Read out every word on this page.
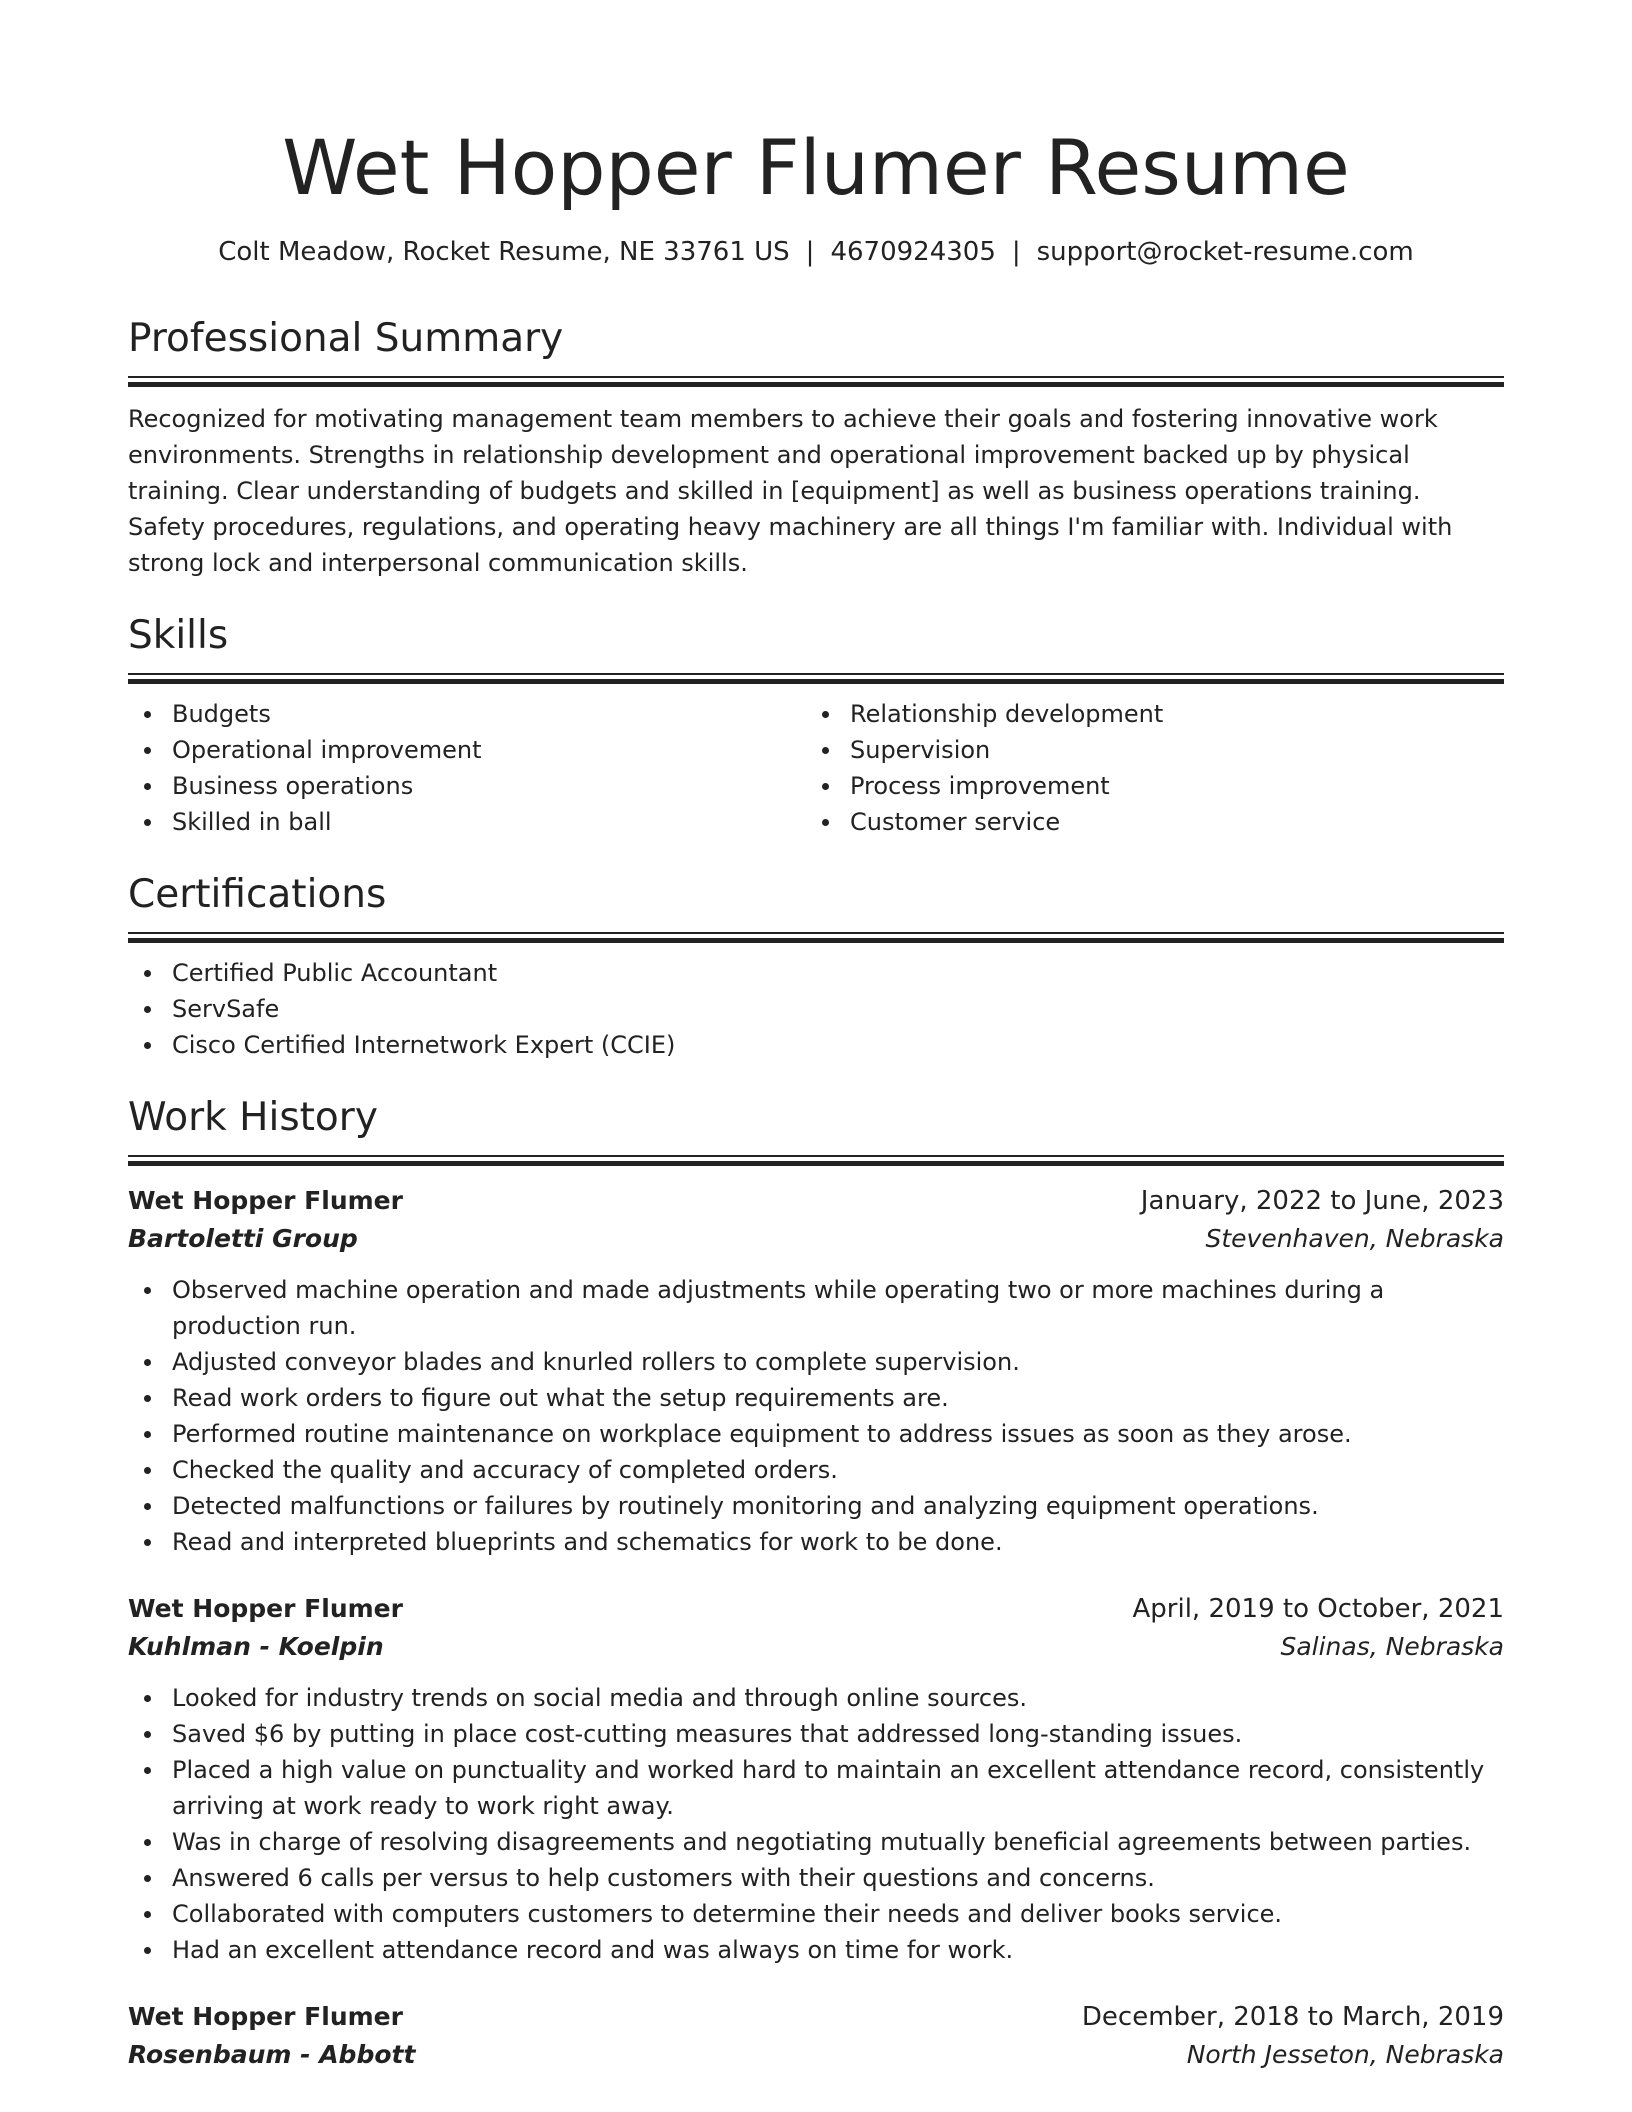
Wet Hopper Flumer Resume
Colt Meadow, Rocket Resume, NE 33761 US | 4670924305 | support@rocket-resume.com
Professional Summary

Recognized for motivating management team members to achieve their goals and fostering innovative work environments. Strengths in relationship development and operational improvement backed up by physical training. Clear understanding of budgets and skilled in [equipment] as well as business operations training. Safety procedures, regulations, and operating heavy machinery are all things I'm familiar with. Individual with strong lock and interpersonal communication skills.

Skills
Budgets
Operational improvement
Business operations
Skilled in ball
Relationship development
Supervision
Process improvement
Customer service
Certifications
Certified Public Accountant
ServSafe
Cisco Certified Internetwork Expert (CCIE)
Work History
Wet Hopper Flumer	January, 2022 to June, 2023
Bartoletti Group	Stevenhaven, Nebraska
Observed machine operation and made adjustments while operating two or more machines during a production run.
Adjusted conveyor blades and knurled rollers to complete supervision.
Read work orders to figure out what the setup requirements are.
Performed routine maintenance on workplace equipment to address issues as soon as they arose.
Checked the quality and accuracy of completed orders.
Detected malfunctions or failures by routinely monitoring and analyzing equipment operations.
Read and interpreted blueprints and schematics for work to be done.
Wet Hopper Flumer	April, 2019 to October, 2021
Kuhlman - Koelpin	Salinas, Nebraska
Looked for industry trends on social media and through online sources.
Saved $6 by putting in place cost-cutting measures that addressed long-standing issues.
Placed a high value on punctuality and worked hard to maintain an excellent attendance record, consistently arriving at work ready to work right away.
Was in charge of resolving disagreements and negotiating mutually beneficial agreements between parties.
Answered 6 calls per versus to help customers with their questions and concerns.
Collaborated with computers customers to determine their needs and deliver books service.
Had an excellent attendance record and was always on time for work.
Wet Hopper Flumer	December, 2018 to March, 2019
Rosenbaum - Abbott	North Jesseton, Nebraska
